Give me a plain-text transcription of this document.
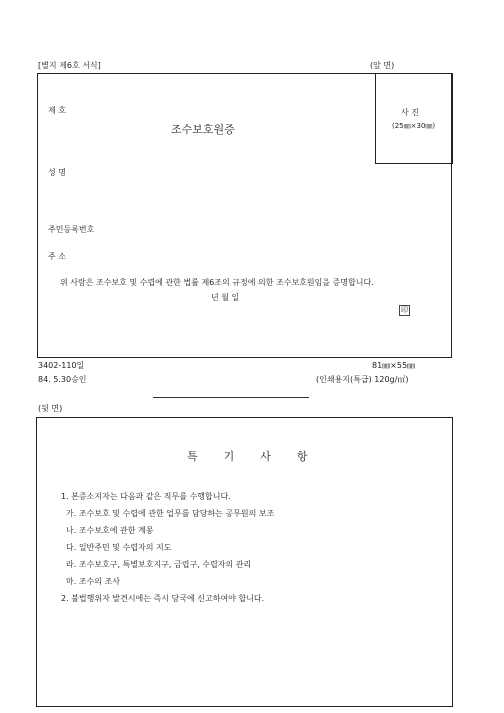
[별지 제6호 서식]	(앞 면)
제 호
조수보호원증
사 진
(25㎜×30㎜)
성 명
주민등록번호
주 소
위 사람은 조수보호 및 수렵에 관한 법률 제6조의 규정에 의한 조수보호원임을 증명합니다.
년 월 일
印
3402-110일	81㎜×55㎜
84. 5.30승인	(인쇄용지(특급) 120g/㎡)
(뒷 면)
특기사항
1. 본증소지자는 다음과 같은 직무를 수행합니다.
가. 조수보호 및 수렵에 관한 업무를 담당하는 공무원의 보조
나. 조수보호에 관한 계몽
다. 일반주민 및 수렵자의 지도
라. 조수보호구, 특별보호지구, 금렵구, 수렵자의 관리
마. 조수의 조사
2. 불법행위자 발견시에는 즉시 당국에 신고하여야 합니다.
